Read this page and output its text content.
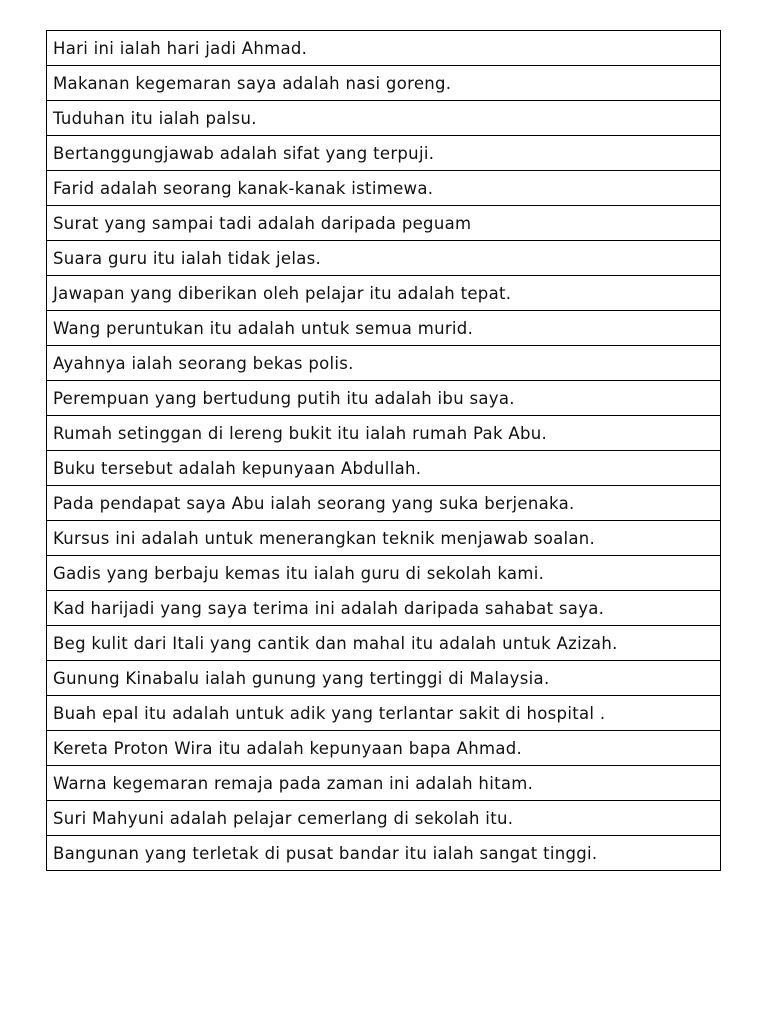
Hari ini ialah hari jadi Ahmad.
Makanan kegemaran saya adalah nasi goreng.
Tuduhan itu ialah palsu.
Bertanggungjawab adalah sifat yang terpuji.
Farid adalah seorang kanak-kanak istimewa.
Surat yang sampai tadi adalah daripada peguam
Suara guru itu ialah tidak jelas.
Jawapan yang diberikan oleh pelajar itu adalah tepat.
Wang peruntukan itu adalah untuk semua murid.
Ayahnya ialah seorang bekas polis.
Perempuan yang bertudung putih itu adalah ibu saya.
Rumah setinggan di lereng bukit itu ialah rumah Pak Abu.
Buku tersebut adalah kepunyaan Abdullah.
Pada pendapat saya Abu ialah seorang yang suka berjenaka.
Kursus ini adalah untuk menerangkan teknik menjawab soalan.
Gadis yang berbaju kemas itu ialah guru di sekolah kami.
Kad harijadi yang saya terima ini adalah daripada sahabat saya.
Beg kulit dari Itali yang cantik dan mahal itu adalah untuk Azizah.
Gunung Kinabalu ialah gunung yang tertinggi di Malaysia.
Buah epal itu adalah untuk adik yang terlantar sakit di hospital .
Kereta Proton Wira itu adalah kepunyaan bapa Ahmad.
Warna kegemaran remaja pada zaman ini adalah hitam.
Suri Mahyuni adalah pelajar cemerlang di sekolah itu.
Bangunan yang terletak di pusat bandar itu ialah sangat tinggi.
